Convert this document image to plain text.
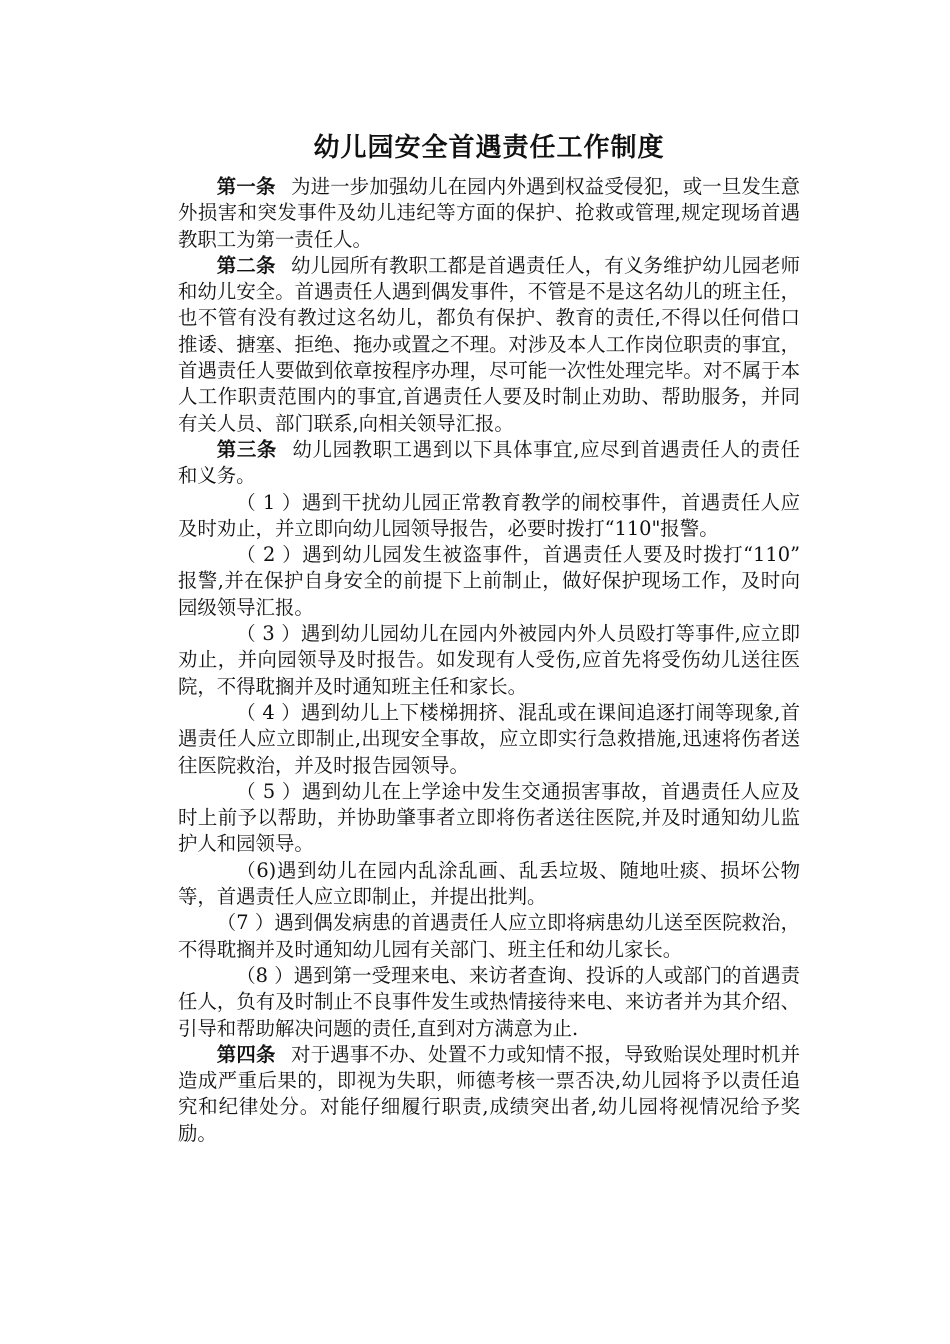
幼儿园安全首遇责任工作制度

第一条 为进一步加强幼儿在园内外遇到权益受侵犯，或一旦发生意外损害和突发事件及幼儿违纪等方面的保护、抢救或管理,规定现场首遇教职工为第一责任人。

第二条 幼儿园所有教职工都是首遇责任人，有义务维护幼儿园老师和幼儿安全。首遇责任人遇到偶发事件，不管是不是这名幼儿的班主任，也不管有没有教过这名幼儿，都负有保护、教育的责任,不得以任何借口推诿、搪塞、拒绝、拖办或置之不理。对涉及本人工作岗位职责的事宜，首遇责任人要做到依章按程序办理，尽可能一次性处理完毕。对不属于本人工作职责范围内的事宜,首遇责任人要及时制止劝助、帮助服务，并同有关人员、部门联系,向相关领导汇报。

第三条 幼儿园教职工遇到以下具体事宜,应尽到首遇责任人的责任和义务。

（ 1 ）遇到干扰幼儿园正常教育教学的闹校事件，首遇责任人应及时劝止，并立即向幼儿园领导报告，必要时拨打“110"报警。

（ 2 ）遇到幼儿园发生被盗事件，首遇责任人要及时拨打“110” 报警,并在保护自身安全的前提下上前制止，做好保护现场工作，及时向园级领导汇报。

（ 3 ）遇到幼儿园幼儿在园内外被园内外人员殴打等事件,应立即劝止，并向园领导及时报告。如发现有人受伤,应首先将受伤幼儿送往医院，不得耽搁并及时通知班主任和家长。

（ 4 ）遇到幼儿上下楼梯拥挤、混乱或在课间追逐打闹等现象,首遇责任人应立即制止,出现安全事故，应立即实行急救措施,迅速将伤者送往医院救治，并及时报告园领导。

（ 5 ）遇到幼儿在上学途中发生交通损害事故，首遇责任人应及时上前予以帮助，并协助肇事者立即将伤者送往医院,并及时通知幼儿监护人和园领导。

（6)遇到幼儿在园内乱涂乱画、乱丢垃圾、随地吐痰、损坏公物等，首遇责任人应立即制止，并提出批判。

（7 ）遇到偶发病患的首遇责任人应立即将病患幼儿送至医院救治，不得耽搁并及时通知幼儿园有关部门、班主任和幼儿家长。

（8 ）遇到第一受理来电、来访者查询、投诉的人或部门的首遇责任人，负有及时制止不良事件发生或热情接待来电、来访者并为其介绍、引导和帮助解决问题的责任,直到对方满意为止.

第四条 对于遇事不办、处置不力或知情不报，导致贻误处理时机并造成严重后果的，即视为失职，师德考核一票否决,幼儿园将予以责任追究和纪律处分。对能仔细履行职责,成绩突出者,幼儿园将视情况给予奖励。
